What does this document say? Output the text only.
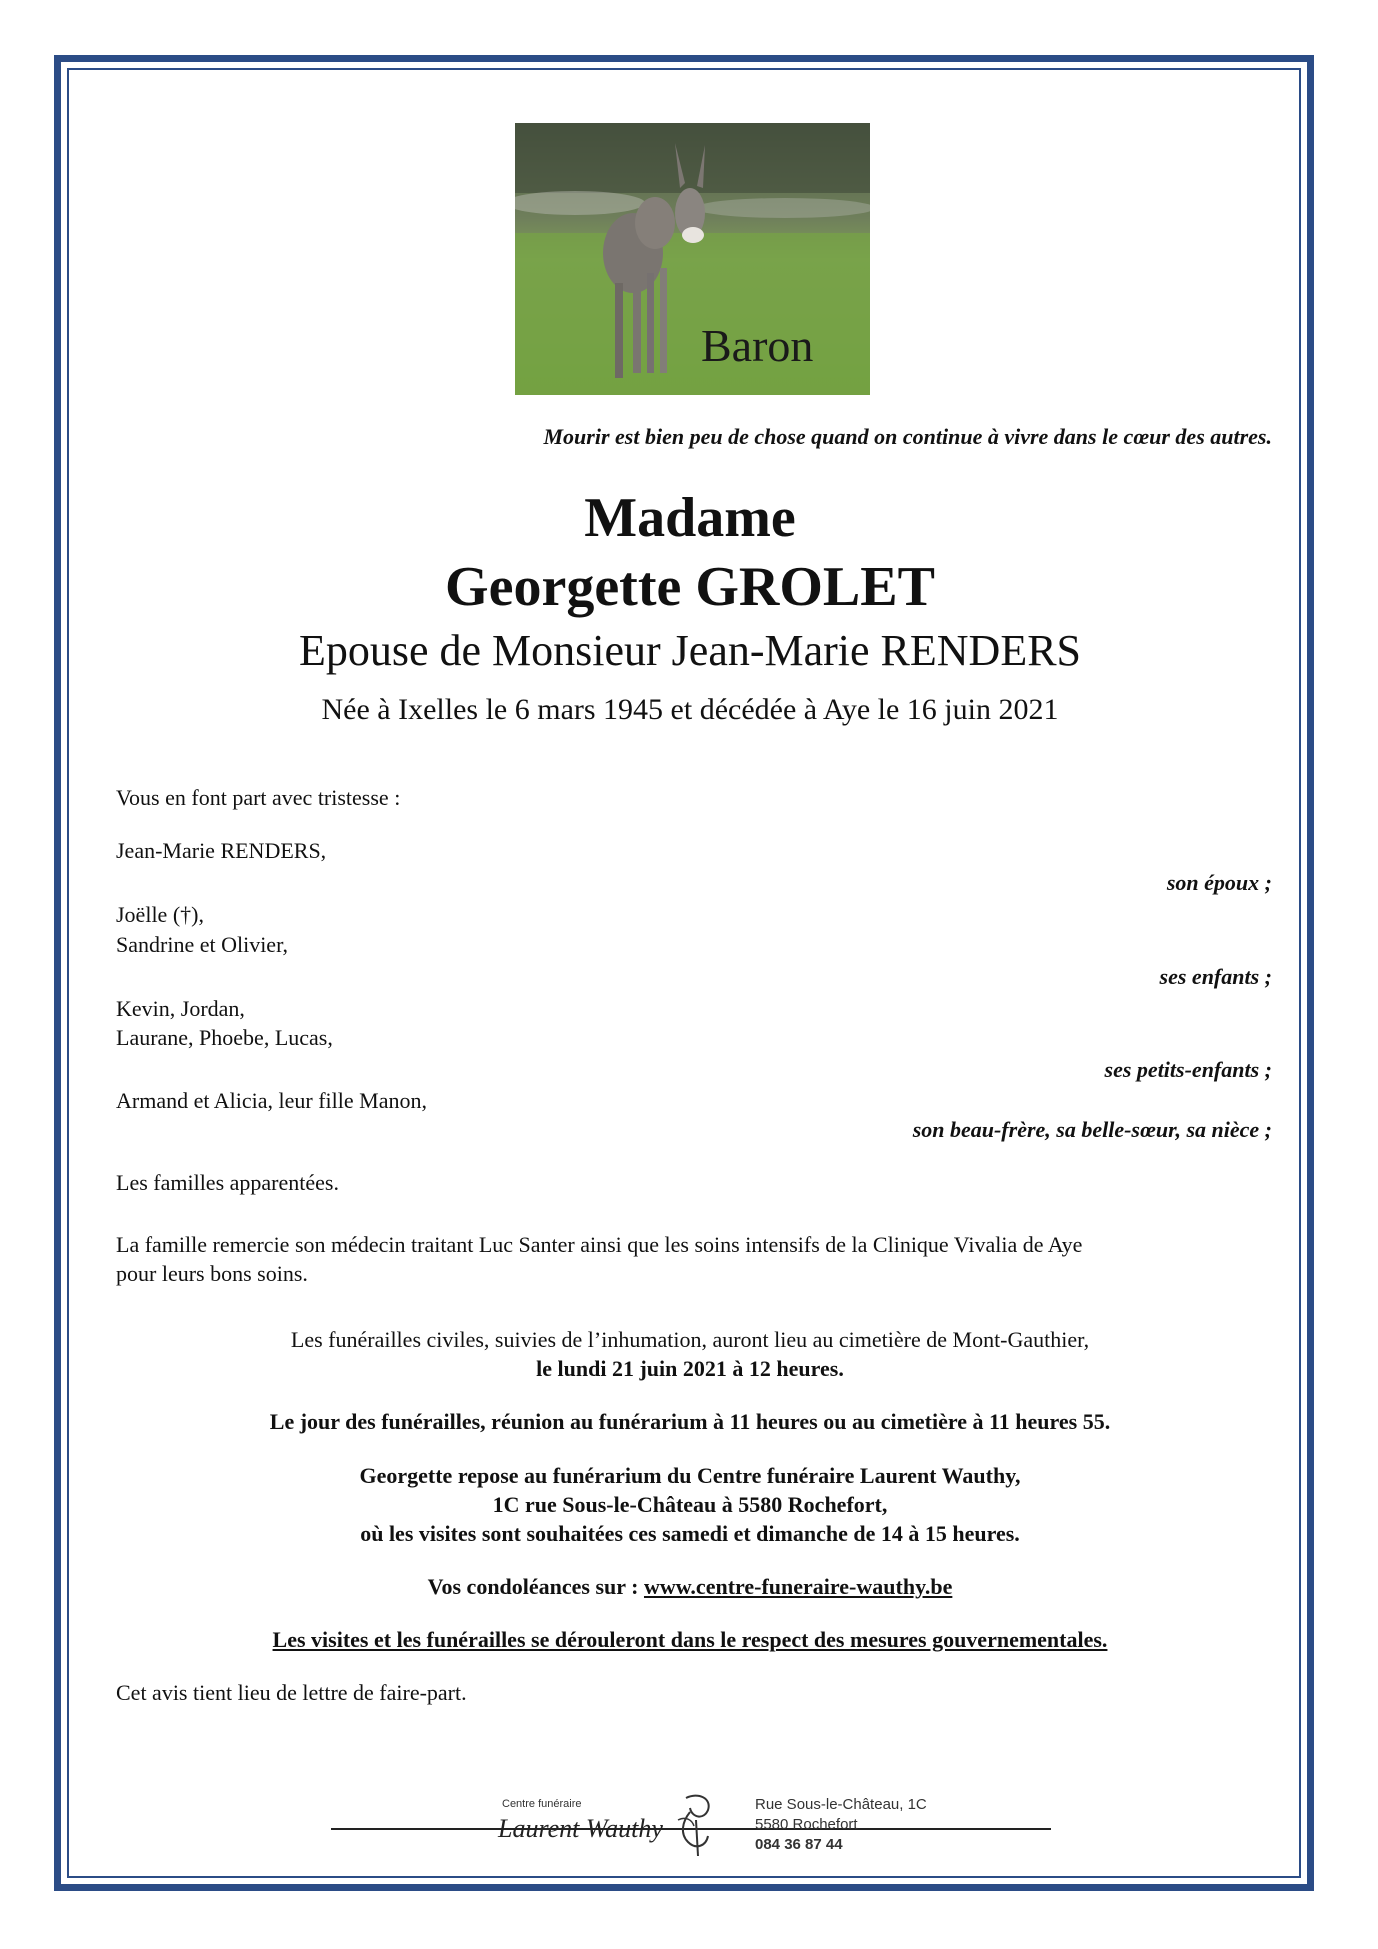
Baron
Mourir est bien peu de chose quand on continue à vivre dans le cœur des autres.
Madame
Georgette GROLET
Epouse de Monsieur Jean-Marie RENDERS
Née à Ixelles le 6 mars 1945 et décédée à Aye le 16 juin 2021
Vous en font part avec tristesse :
Jean-Marie RENDERS,
son époux ;
Joëlle (†),
Sandrine et Olivier,
ses enfants ;
Kevin, Jordan,
Laurane, Phoebe, Lucas,
ses petits-enfants ;
Armand et Alicia, leur fille Manon,
son beau-frère, sa belle-sœur, sa nièce ;
Les familles apparentées.
La famille remercie son médecin traitant Luc Santer ainsi que les soins intensifs de la Clinique Vivalia de Aye
pour leurs bons soins.
Les funérailles civiles, suivies de l’inhumation, auront lieu au cimetière de Mont-Gauthier,
le lundi 21 juin 2021 à 12 heures.
Le jour des funérailles, réunion au funérarium à 11 heures ou au cimetière à 11 heures 55.
Georgette repose au funérarium du Centre funéraire Laurent Wauthy,
1C rue Sous-le-Château à 5580 Rochefort,
où les visites sont souhaitées ces samedi et dimanche de 14 à 15 heures.
Vos condoléances sur : www.centre-funeraire-wauthy.be
Les visites et les funérailles se dérouleront dans le respect des mesures gouvernementales.
Cet avis tient lieu de lettre de faire-part.
Centre funéraire
Laurent Wauthy
Rue Sous-le-Château, 1C
5580 Rochefort
084 36 87 44
